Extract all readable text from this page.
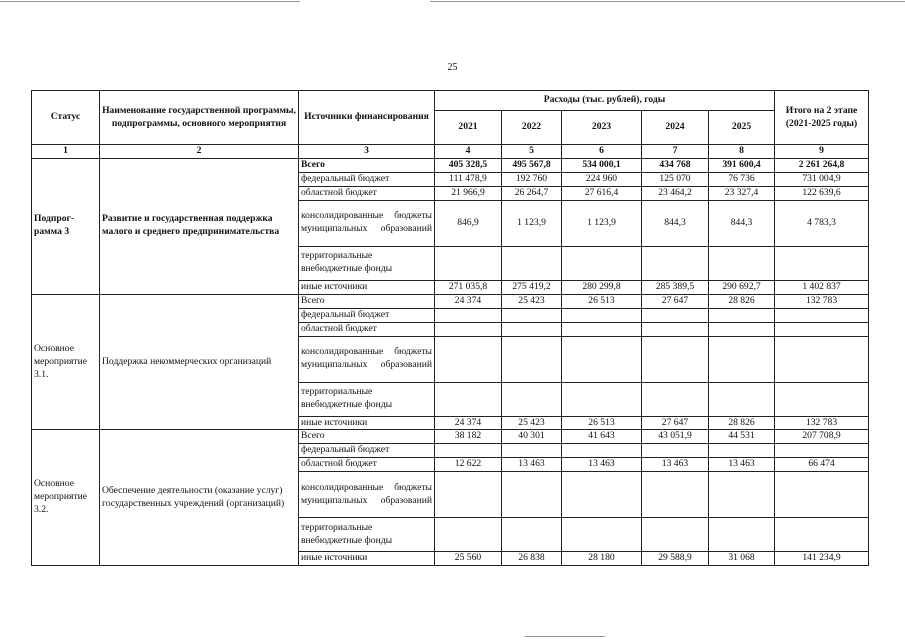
25
Статус	Наименование государственной программы, подпрограммы, основного мероприятия	Источники финансирования	Расходы (тыс. рублей), годы					Итого на 2 этапе (2021-2025 годы)
			2021	2022	2023	2024	2025	
1	2	3	4	5	6	7	8	9
Подпрог-рамма 3	Развитие и государственная поддержка малого и среднего предпринимательства	Всего	405 328,5	495 567,8	534 000,1	434 768	391 600,4	2 261 264,8
		федеральный бюджет	111 478,9	192 760	224 960	125 070	76 736	731 004,9
		областной бюджет	21 966,9	26 264,7	27 616,4	23 464,2	23 327,4	122 639,6
		консолидированные бюджеты муниципальных образований	846,9	1 123,9	1 123,9	844,3	844,3	4 783,3
		территориальные внебюджетные фонды						
		иные источники	271 035,8	275 419,2	280 299,8	285 389,5	290 692,7	1 402 837
Основное мероприятие 3.1.	Поддержка некоммерческих организаций	Всего	24 374	25 423	26 513	27 647	28 826	132 783
		федеральный бюджет						
		областной бюджет						
		консолидированные бюджеты муниципальных образований						
		территориальные внебюджетные фонды						
		иные источники	24 374	25 423	26 513	27 647	28 826	132 783
Основное мероприятие 3.2.	Обеспечение деятельности (оказание услуг) государственных учреждений (организаций)	Всего	38 182	40 301	41 643	43 051,9	44 531	207 708,9
		федеральный бюджет						
		областной бюджет	12 622	13 463	13 463	13 463	13 463	66 474
		консолидированные бюджеты муниципальных образований						
		территориальные внебюджетные фонды						
		иные источники	25 560	26 838	28 180	29 588,9	31 068	141 234,9
